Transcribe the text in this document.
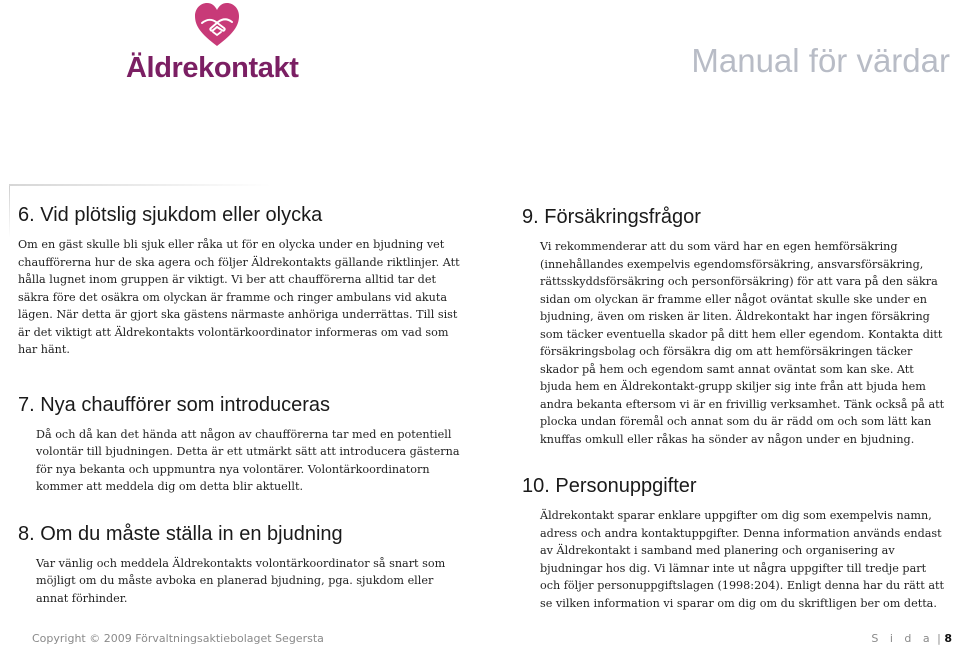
Äldrekontakt	Manual för värdar
6. Vid plötslig sjukdom eller olycka

Om en gäst skulle bli sjuk eller råka ut för en olycka under en bjudning vet chaufförerna hur de ska agera och följer Äldrekontakts gällande riktlinjer. Att hålla lugnet inom gruppen är viktigt. Vi ber att chaufförerna alltid tar det säkra före det osäkra om olyckan är framme och ringer ambulans vid akuta lägen. När detta är gjort ska gästens närmaste anhöriga underrättas. Till sist är det viktigt att Äldrekontakts volontärkoordinator informeras om vad som har hänt.

7. Nya chaufförer som introduceras

Då och då kan det hända att någon av chaufförerna tar med en potentiell volontär till bjudningen. Detta är ett utmärkt sätt att introducera gästerna för nya bekanta och uppmuntra nya volontärer. Volontärkoordinatorn kommer att meddela dig om detta blir aktuellt.

8. Om du måste ställa in en bjudning

Var vänlig och meddela Äldrekontakts volontärkoordinator så snart som möjligt om du måste avboka en planerad bjudning, pga. sjukdom eller annat förhinder.

9. Försäkringsfrågor

Vi rekommenderar att du som värd har en egen hemförsäkring (innehållandes exempelvis egendomsförsäkring, ansvarsförsäkring, rättsskyddsförsäkring och personförsäkring) för att vara på den säkra sidan om olyckan är framme eller något oväntat skulle ske under en bjudning, även om risken är liten. Äldrekontakt har ingen försäkring som täcker eventuella skador på ditt hem eller egendom. Kontakta ditt försäkringsbolag och försäkra dig om att hemförsäkringen täcker skador på hem och egendom samt annat oväntat som kan ske. Att bjuda hem en Äldrekontakt-grupp skiljer sig inte från att bjuda hem andra bekanta eftersom vi är en frivillig verksamhet. Tänk också på att plocka undan föremål och annat som du är rädd om och som lätt kan knuffas omkull eller råkas ha sönder av någon under en bjudning.

10. Personuppgifter

Äldrekontakt sparar enklare uppgifter om dig som exempelvis namn, adress och andra kontaktuppgifter. Denna information används endast av Äldrekontakt i samband med planering och organisering av bjudningar hos dig. Vi lämnar inte ut några uppgifter till tredje part och följer personuppgiftslagen (1998:204). Enligt denna har du rätt att se vilken information vi sparar om dig om du skriftligen ber om detta.

Copyright © 2009 Förvaltningsaktiebolaget Segersta	S i d a | 8
